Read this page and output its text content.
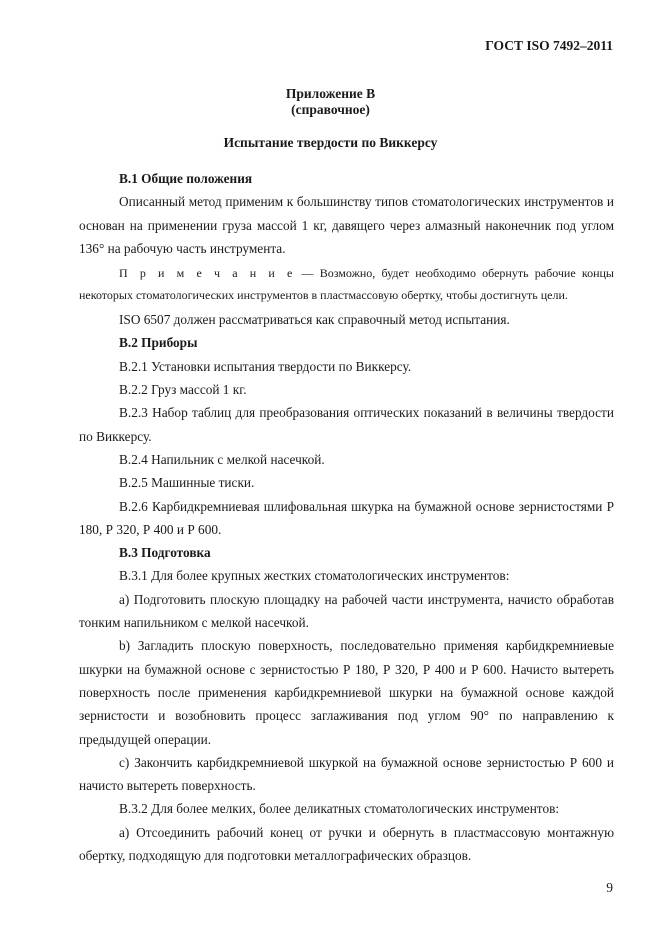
ГОСТ ISO 7492–2011
Приложение В
(справочное)
Испытание твердости по Виккерсу

В.1 Общие положения

Описанный метод применим к большинству типов стоматологических инструментов и основан на применении груза массой 1 кг, давящего через алмазный наконечник под углом 136° на рабочую часть инструмента.

П р и м е ч а н и е — Возможно, будет необходимо обернуть рабочие концы некоторых стоматологических инструментов в пластмассовую обертку, чтобы достигнуть цели.

ISO 6507 должен рассматриваться как справочный метод испытания.

В.2 Приборы

В.2.1 Установки испытания твердости по Виккерсу.

В.2.2 Груз массой 1 кг.

В.2.3 Набор таблиц для преобразования оптических показаний в величины твердости по Виккерсу.

В.2.4 Напильник с мелкой насечкой.

В.2.5 Машинные тиски.

В.2.6 Карбидкремниевая шлифовальная шкурка на бумажной основе зернистостями Р 180, Р 320, Р 400 и Р 600.

В.3 Подготовка

В.3.1 Для более крупных жестких стоматологических инструментов:

a) Подготовить плоскую площадку на рабочей части инструмента, начисто обработав тонким напильником с мелкой насечкой.

b) Загладить плоскую поверхность, последовательно применяя карбидкремниевые шкурки на бумажной основе с зернистостью Р 180, Р 320, Р 400 и Р 600. Начисто вытереть поверхность после применения карбидкремниевой шкурки на бумажной основе каждой зернистости и возобновить процесс заглаживания под углом 90° по направлению к предыдущей операции.

c) Закончить карбидкремниевой шкуркой на бумажной основе зернистостью Р 600 и начисто вытереть поверхность.

В.3.2 Для более мелких, более деликатных стоматологических инструментов:

a) Отсоединить рабочий конец от ручки и обернуть в пластмассовую монтажную обертку, подходящую для подготовки металлографических образцов.

9
